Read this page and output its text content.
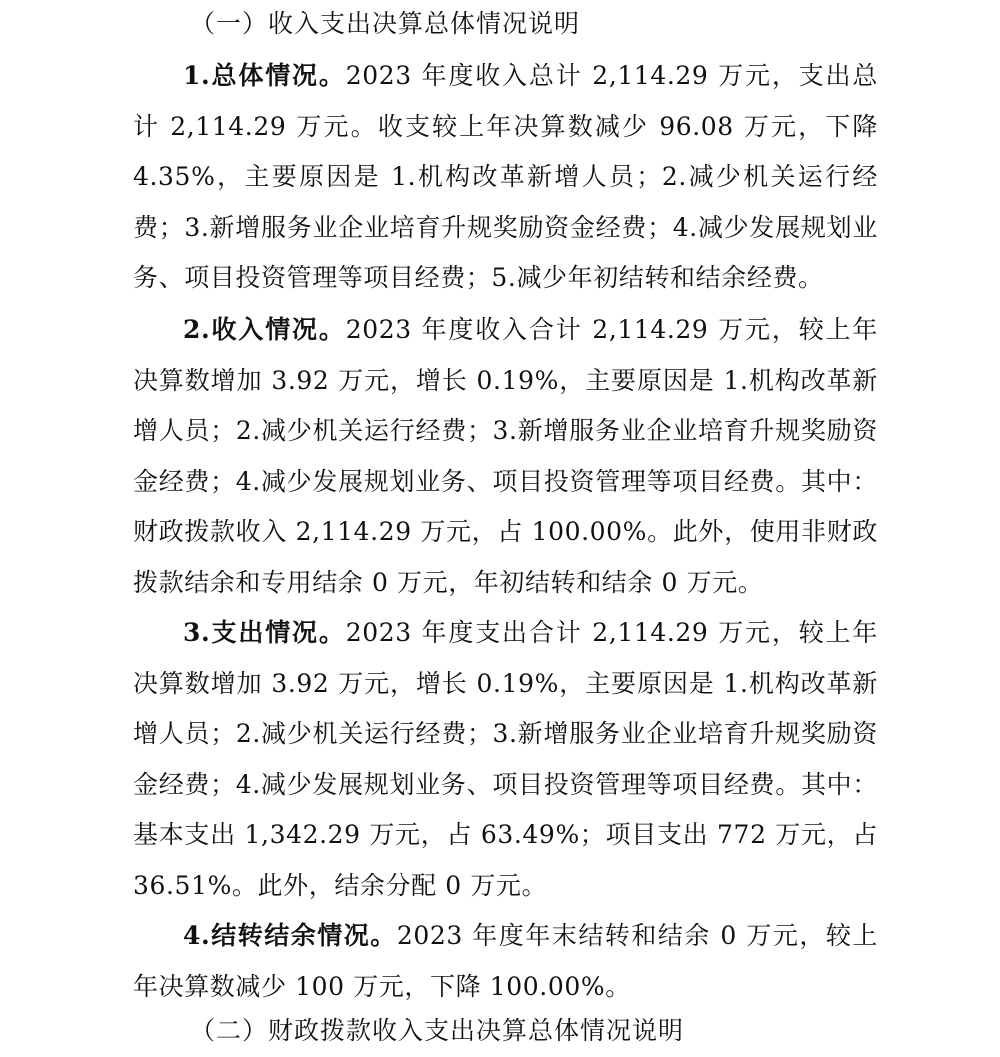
（一）收入支出决算总体情况说明

1.总体情况。2023 年度收入总计 2,114.29 万元，支出总计 2,114.29 万元。收支较上年决算数减少 96.08 万元，下降 4.35%，主要原因是 1.机构改革新增人员；2.减少机关运行经费；3.新增服务业企业培育升规奖励资金经费；4.减少发展规划业务、项目投资管理等项目经费；5.减少年初结转和结余经费。

2.收入情况。2023 年度收入合计 2,114.29 万元，较上年决算数增加 3.92 万元，增长 0.19%，主要原因是 1.机构改革新增人员；2.减少机关运行经费；3.新增服务业企业培育升规奖励资金经费；4.减少发展规划业务、项目投资管理等项目经费。其中：财政拨款收入 2,114.29 万元，占 100.00%。此外，使用非财政拨款结余和专用结余 0 万元，年初结转和结余 0 万元。

3.支出情况。2023 年度支出合计 2,114.29 万元，较上年决算数增加 3.92 万元，增长 0.19%，主要原因是 1.机构改革新增人员；2.减少机关运行经费；3.新增服务业企业培育升规奖励资金经费；4.减少发展规划业务、项目投资管理等项目经费。其中：基本支出 1,342.29 万元，占 63.49%；项目支出 772 万元，占 36.51%。此外，结余分配 0 万元。

4.结转结余情况。2023 年度年末结转和结余 0 万元，较上年决算数减少 100 万元，下降 100.00%。

（二）财政拨款收入支出决算总体情况说明
